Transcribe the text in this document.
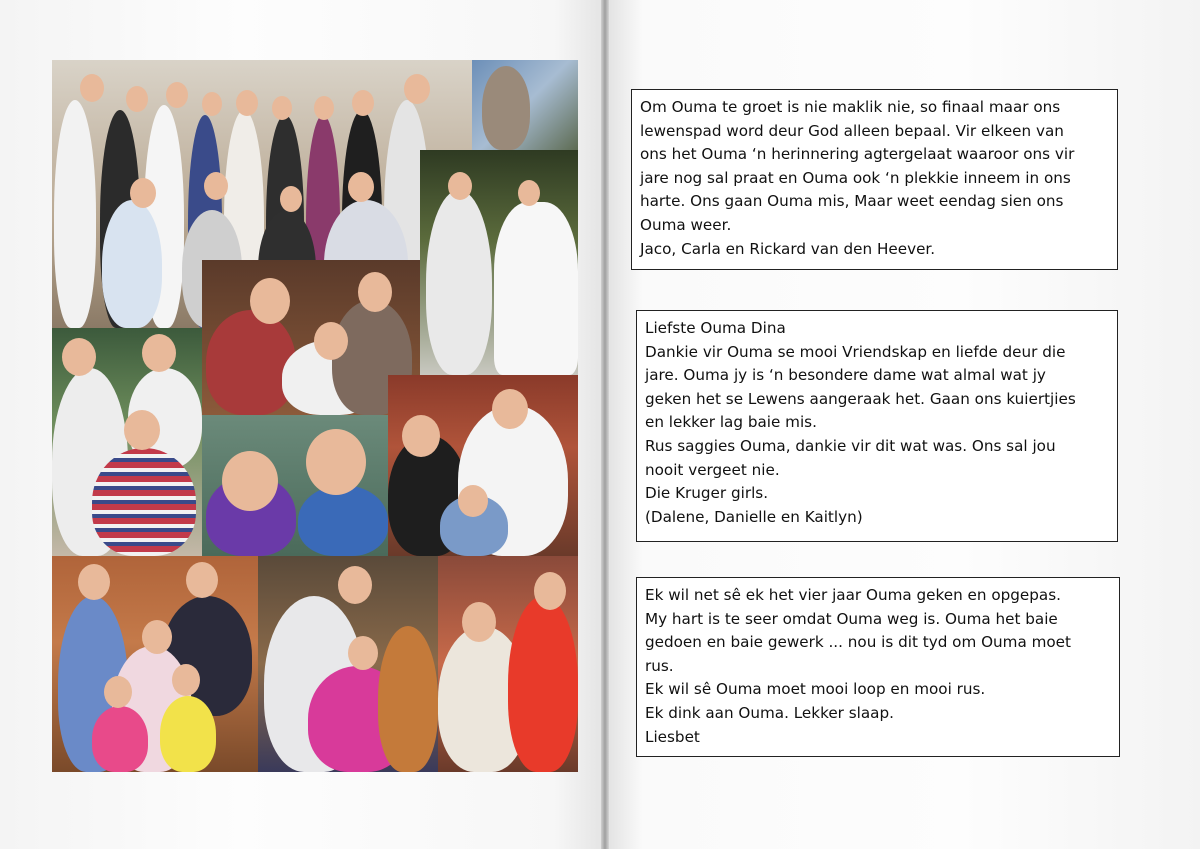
Om Ouma te groet is nie maklik nie, so finaal maar ons

lewenspad word deur God alleen bepaal. Vir elkeen van

ons het Ouma ‘n herinnering agtergelaat waaroor ons vir

jare nog sal praat en Ouma ook ‘n plekkie inneem in ons

harte. Ons gaan Ouma mis, Maar weet eendag sien ons

Ouma weer.

Jaco, Carla en Rickard van den Heever.

Liefste Ouma Dina

Dankie vir Ouma se mooi Vriendskap en liefde deur die

jare. Ouma jy is ‘n besondere dame wat almal wat jy

geken het se Lewens aangeraak het. Gaan ons kuiertjies

en lekker lag baie mis.

Rus saggies Ouma, dankie vir dit wat was. Ons sal jou

nooit vergeet nie.

Die Kruger girls.

(Dalene, Danielle en Kaitlyn)

Ek wil net sê ek het vier jaar Ouma geken en opgepas.

My hart is te seer omdat Ouma weg is. Ouma het baie

gedoen en baie gewerk ... nou is dit tyd om Ouma moet

rus.

Ek wil sê Ouma moet mooi loop en mooi rus.

Ek dink aan Ouma. Lekker slaap.

Liesbet
